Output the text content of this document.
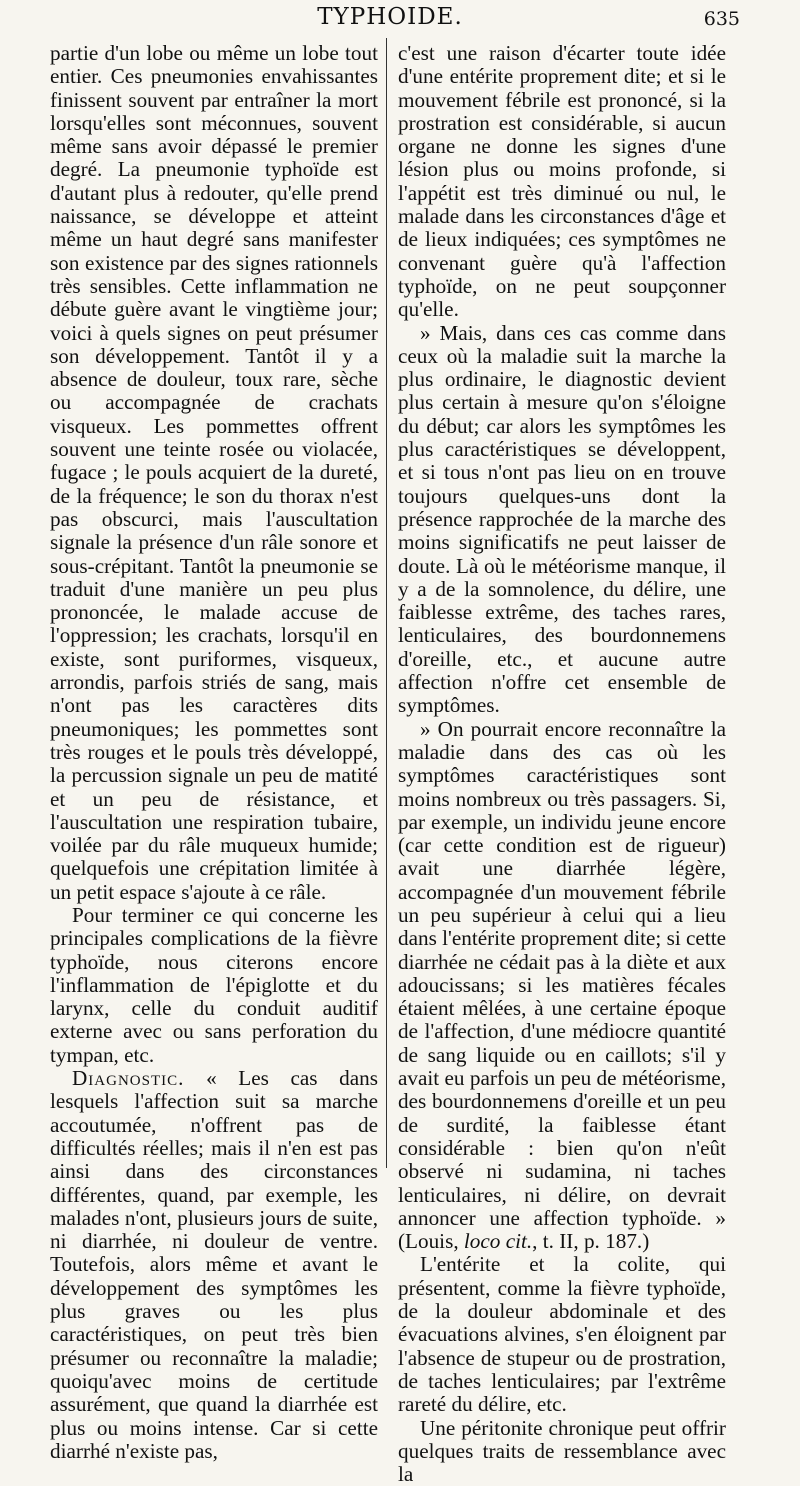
TYPHOIDE.	635

partie d'un lobe ou même un lobe tout entier. Ces pneumonies envahissantes finissent souvent par entraîner la mort lorsqu'elles sont méconnues, souvent même sans avoir dépassé le premier degré. La pneumonie typhoïde est d'autant plus à redouter, qu'elle prend naissance, se développe et atteint même un haut degré sans manifester son existence par des signes rationnels très sensibles. Cette inflammation ne débute guère avant le vingtième jour; voici à quels signes on peut présumer son développement. Tantôt il y a absence de douleur, toux rare, sèche ou accompagnée de crachats visqueux. Les pommettes offrent souvent une teinte rosée ou violacée, fugace ; le pouls acquiert de la dureté, de la fréquence; le son du thorax n'est pas obscurci, mais l'auscultation signale la présence d'un râle sonore et sous-crépitant. Tantôt la pneumonie se traduit d'une manière un peu plus prononcée, le malade accuse de l'oppression; les crachats, lorsqu'il en existe, sont puriformes, visqueux, arrondis, parfois striés de sang, mais n'ont pas les caractères dits pneumoniques; les pommettes sont très rouges et le pouls très développé, la percussion signale un peu de matité et un peu de résistance, et l'auscultation une respiration tubaire, voilée par du râle muqueux humide; quelquefois une crépitation limitée à un petit espace s'ajoute à ce râle.

Pour terminer ce qui concerne les principales complications de la fièvre typhoïde, nous citerons encore l'inflammation de l'épiglotte et du larynx, celle du conduit auditif externe avec ou sans perforation du tympan, etc.

Diagnostic. « Les cas dans lesquels l'affection suit sa marche accoutumée, n'offrent pas de difficultés réelles; mais il n'en est pas ainsi dans des circonstances différentes, quand, par exemple, les malades n'ont, plusieurs jours de suite, ni diarrhée, ni douleur de ventre. Toutefois, alors même et avant le développement des symptômes les plus graves ou les plus caractéristiques, on peut très bien présumer ou reconnaître la maladie; quoiqu'avec moins de certitude assurément, que quand la diarrhée est plus ou moins intense. Car si cette diarrhé n'existe pas,

c'est une raison d'écarter toute idée d'une entérite proprement dite; et si le mouvement fébrile est prononcé, si la prostration est considérable, si aucun organe ne donne les signes d'une lésion plus ou moins profonde, si l'appétit est très diminué ou nul, le malade dans les circonstances d'âge et de lieux indiquées; ces symptômes ne convenant guère qu'à l'affection typhoïde, on ne peut soupçonner qu'elle.

» Mais, dans ces cas comme dans ceux où la maladie suit la marche la plus ordinaire, le diagnostic devient plus certain à mesure qu'on s'éloigne du début; car alors les symptômes les plus caractéristiques se développent, et si tous n'ont pas lieu on en trouve toujours quelques-uns dont la présence rapprochée de la marche des moins significatifs ne peut laisser de doute. Là où le météorisme manque, il y a de la somnolence, du délire, une faiblesse extrême, des taches rares, lenticulaires, des bourdonnemens d'oreille, etc., et aucune autre affection n'offre cet ensemble de symptômes.

» On pourrait encore reconnaître la maladie dans des cas où les symptômes caractéristiques sont moins nombreux ou très passagers. Si, par exemple, un individu jeune encore (car cette condition est de rigueur) avait une diarrhée légère, accompagnée d'un mouvement fébrile un peu supérieur à celui qui a lieu dans l'entérite proprement dite; si cette diarrhée ne cédait pas à la diète et aux adoucissans; si les matières fécales étaient mêlées, à une certaine époque de l'affection, d'une médiocre quantité de sang liquide ou en caillots; s'il y avait eu parfois un peu de météorisme, des bourdonnemens d'oreille et un peu de surdité, la faiblesse étant considérable : bien qu'on n'eût observé ni sudamina, ni taches lenticulaires, ni délire, on devrait annoncer une affection typhoïde. » (Louis, loco cit., t. II, p. 187.)

L'entérite et la colite, qui présentent, comme la fièvre typhoïde, de la douleur abdominale et des évacuations alvines, s'en éloignent par l'absence de stupeur ou de prostration, de taches lenticulaires; par l'extrême rareté du délire, etc.

Une péritonite chronique peut offrir quelques traits de ressemblance avec la
